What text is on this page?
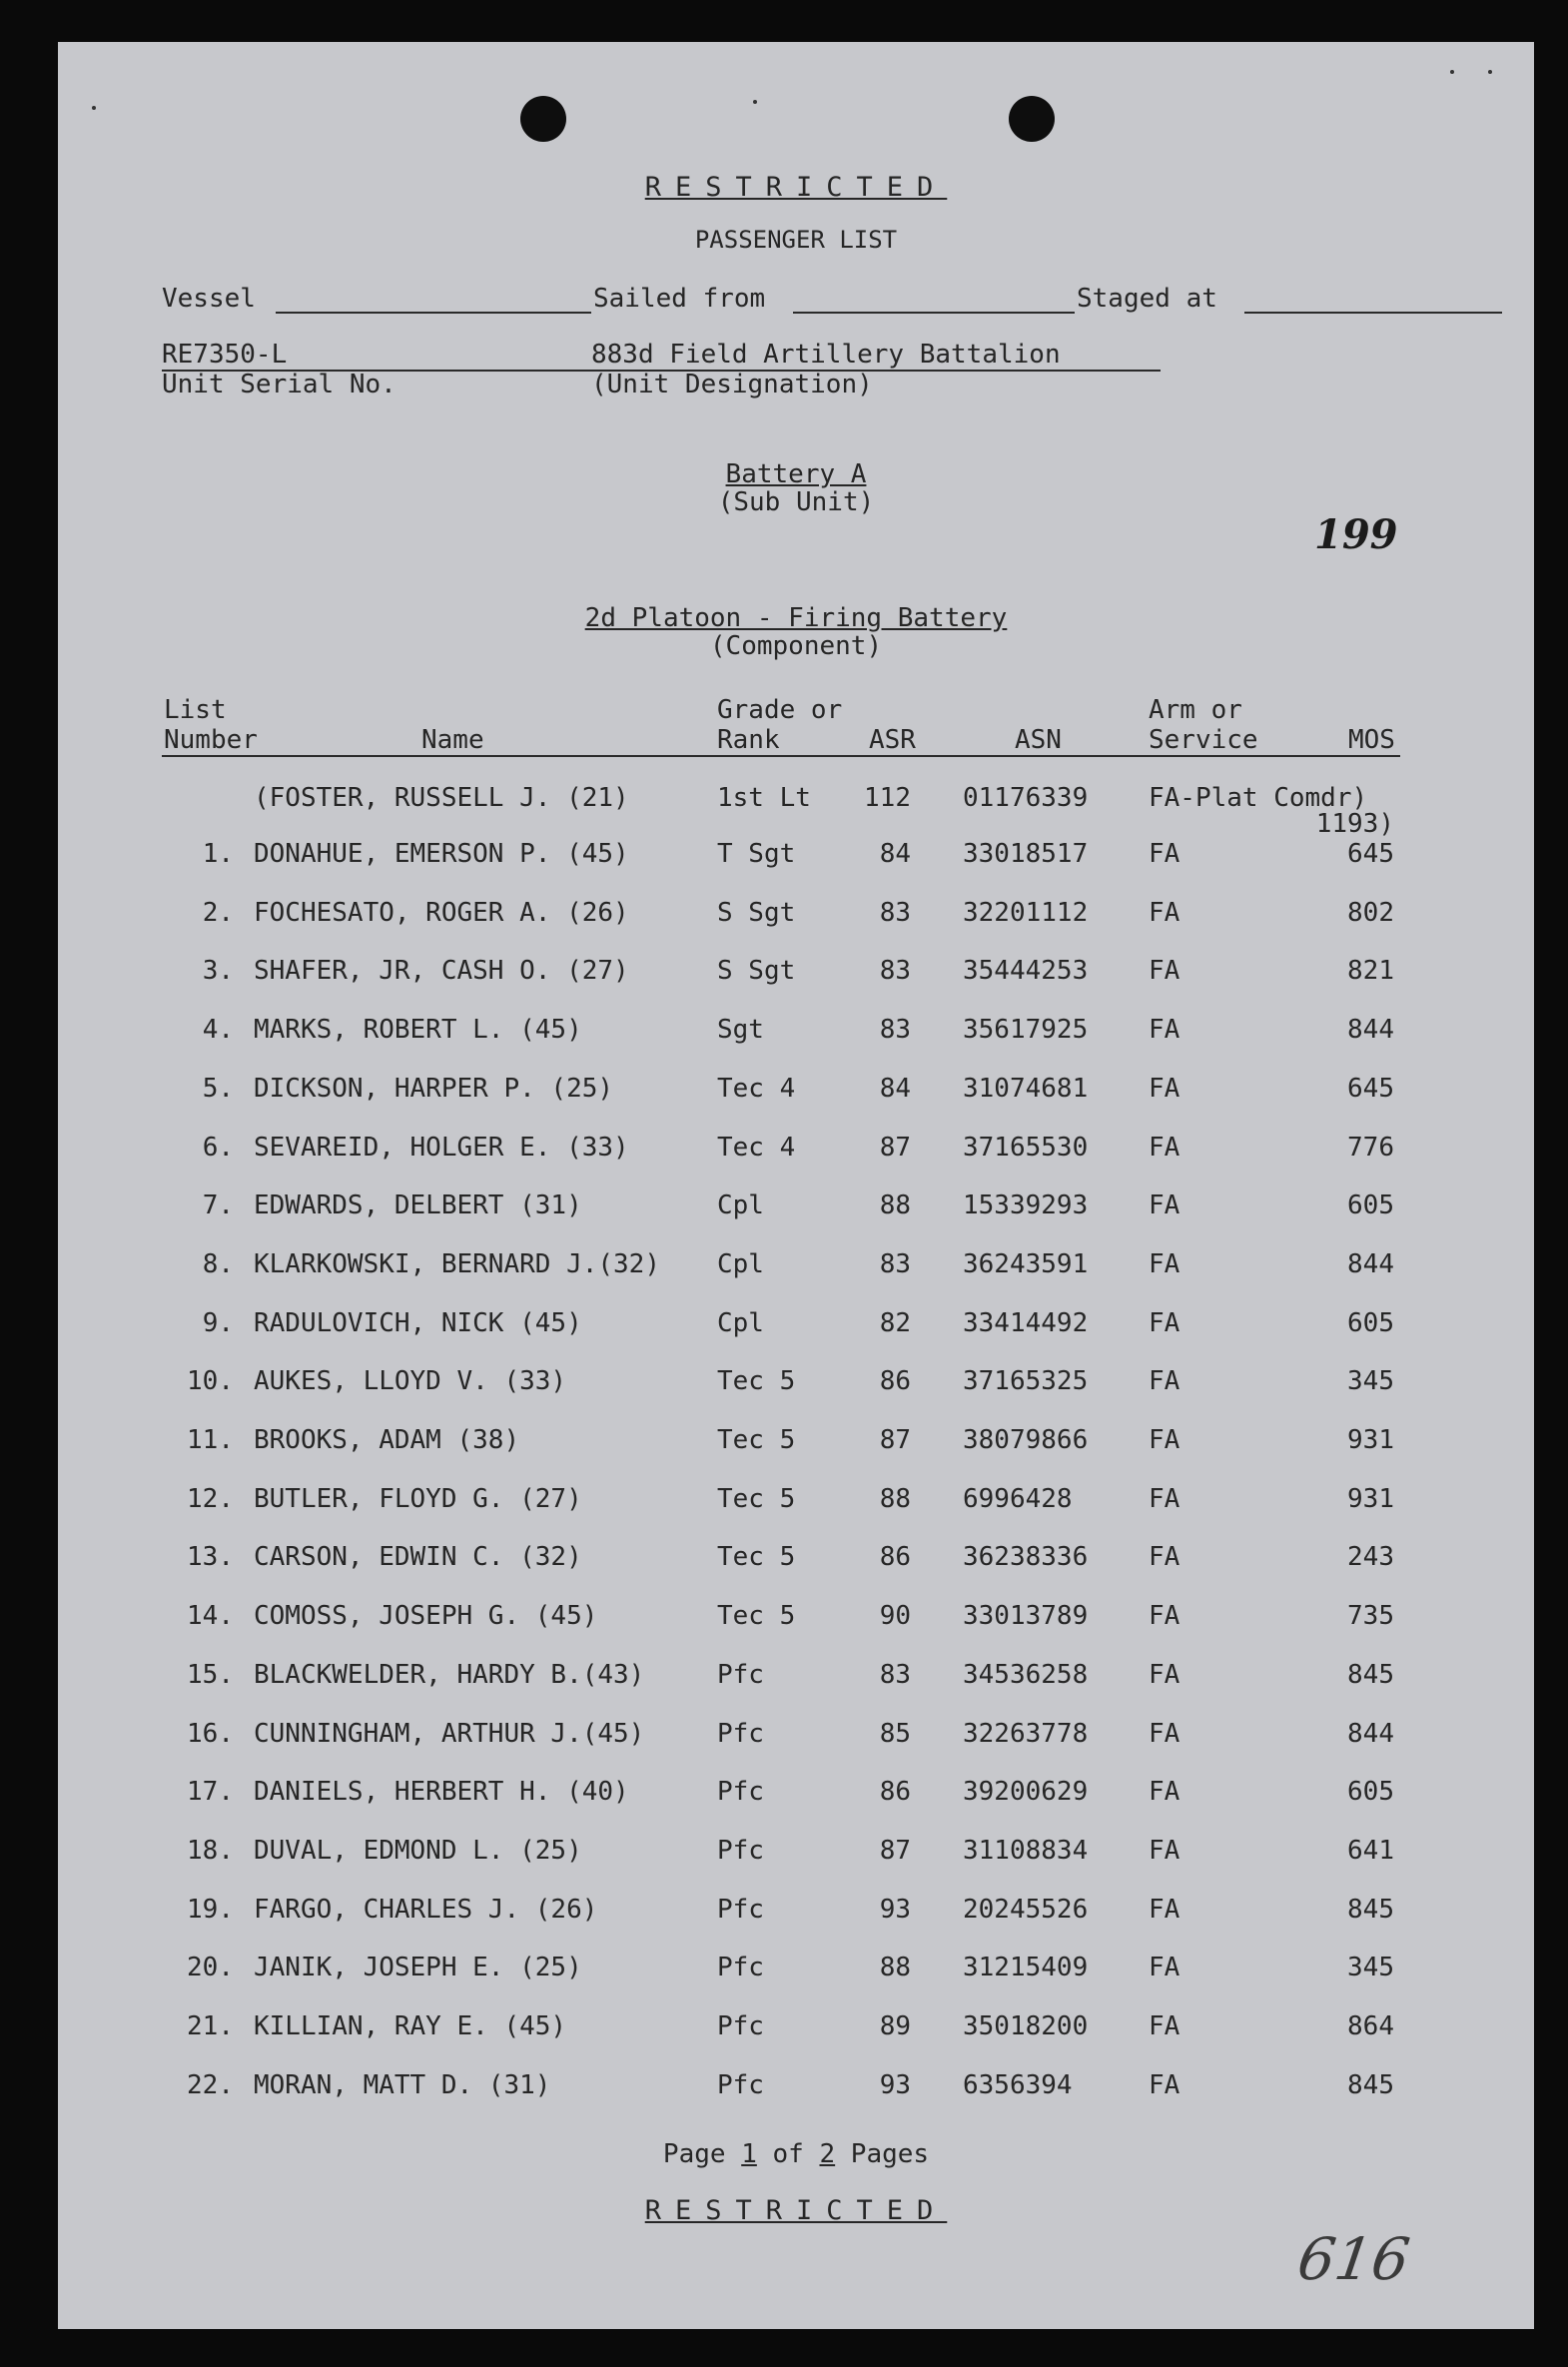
RESTRICTED
PASSENGER LIST
Vessel	Sailed from	Staged at
RE7350-L	883d Field Artillery Battalion
Unit Serial No.	(Unit Designation)
Battery A
(Sub Unit)
199
2d Platoon - Firing Battery
(Component)
List
Number	Name
Grade or
Rank	ASR	ASN
Arm or
Service	MOS
(FOSTER, RUSSELL J. (21)	1st Lt	112 01176339 FA-Plat Comdr)
1193)
1. DONAHUE, EMERSON P. (45)	T Sgt	84 33018517 FA	645
2. FOCHESATO, ROGER A. (26)	S Sgt	83 32201112 FA	802
3. SHAFER, JR, CASH O. (27)	S Sgt	83 35444253 FA	821
4. MARKS, ROBERT L. (45)	Sgt	83 35617925 FA	844
5. DICKSON, HARPER P. (25)	Tec 4	84 31074681 FA	645
6. SEVAREID, HOLGER E. (33)	Tec 4	87 37165530 FA	776
7. EDWARDS, DELBERT (31)	Cpl	88 15339293 FA	605
8. KLARKOWSKI, BERNARD J.(32) Cpl	83 36243591 FA	844
9. RADULOVICH, NICK (45)	Cpl	82 33414492 FA	605
10. AUKES, LLOYD V. (33)	Tec 5	86 37165325 FA	345
11. BROOKS, ADAM (38)	Tec 5	87 38079866 FA	931
12. BUTLER, FLOYD G. (27)	Tec 5	88 6996428	FA	931
13. CARSON, EDWIN C. (32)	Tec 5	86 36238336 FA	243
14. COMOSS, JOSEPH G. (45)	Tec 5	90 33013789 FA	735
15. BLACKWELDER, HARDY B.(43)	Pfc	83 34536258 FA	845
16. CUNNINGHAM, ARTHUR J.(45)	Pfc	85 32263778 FA	844
17. DANIELS, HERBERT H. (40)	Pfc	86 39200629 FA	605
18. DUVAL, EDMOND L. (25)	Pfc	87 31108834 FA	641
19. FARGO, CHARLES J. (26)	Pfc	93 20245526 FA	845
20. JANIK, JOSEPH E. (25)	Pfc	88 31215409 FA	345
21. KILLIAN, RAY E. (45)	Pfc	89 35018200 FA	864
22. MORAN, MATT D. (31)	Pfc	93 6356394	FA	845
Page 1 of 2 Pages
RESTRICTED
616
